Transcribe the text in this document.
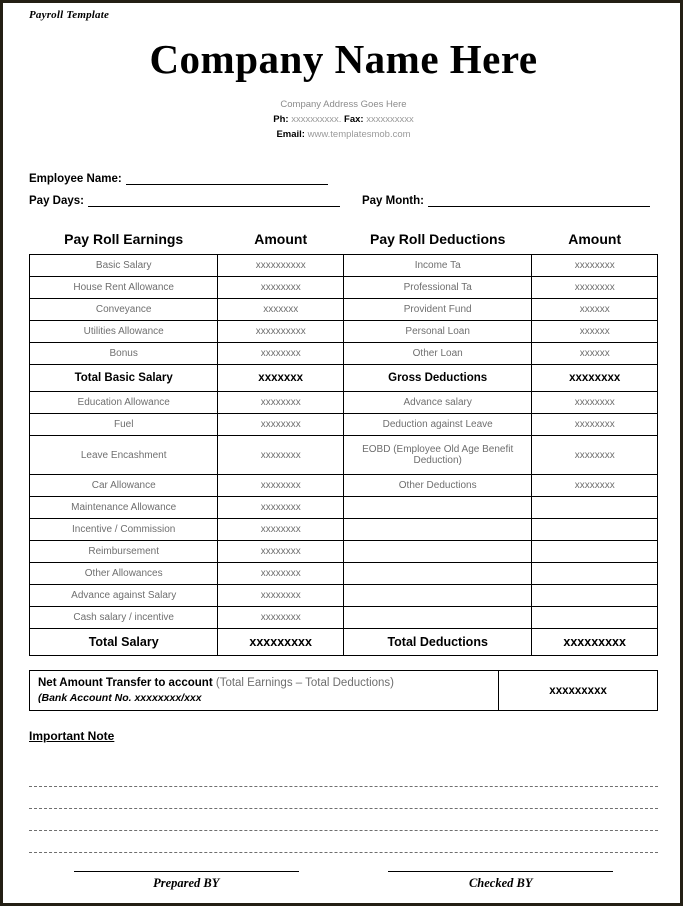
Payroll Template
Company Name Here
Company Address Goes Here
Ph: xxxxxxxxxx. Fax: xxxxxxxxxx
Email: www.templatesmob.com
Employee Name:
Pay Days:	Pay Month:
Pay Roll Earnings	Amount	Pay Roll Deductions	Amount
Basic Salary	xxxxxxxxxx	Income Ta	xxxxxxxx
House Rent Allowance	xxxxxxxx	Professional Ta	xxxxxxxx
Conveyance	xxxxxxx	Provident Fund	xxxxxx
Utilities Allowance	xxxxxxxxxx	Personal Loan	xxxxxx
Bonus	xxxxxxxx	Other Loan	xxxxxx
Total Basic Salary	xxxxxxx	Gross Deductions	xxxxxxxx
Education Allowance	xxxxxxxx	Advance salary	xxxxxxxx
Fuel	xxxxxxxx	Deduction against Leave	xxxxxxxx
Leave Encashment	xxxxxxxx	EOBD (Employee Old Age Benefit Deduction)	xxxxxxxx
Car Allowance	xxxxxxxx	Other Deductions	xxxxxxxx
Maintenance Allowance	xxxxxxxx		
Incentive / Commission	xxxxxxxx		
Reimbursement	xxxxxxxx		
Other Allowances	xxxxxxxx		
Advance against Salary	xxxxxxxx		
Cash salary / incentive	xxxxxxxx		
Total Salary	xxxxxxxxx	Total Deductions	xxxxxxxxx
Net Amount Transfer to account (Total Earnings – Total Deductions)
(Bank Account No. xxxxxxxx/xxx
	xxxxxxxxx
Important Note
Prepared BY	Checked BY
